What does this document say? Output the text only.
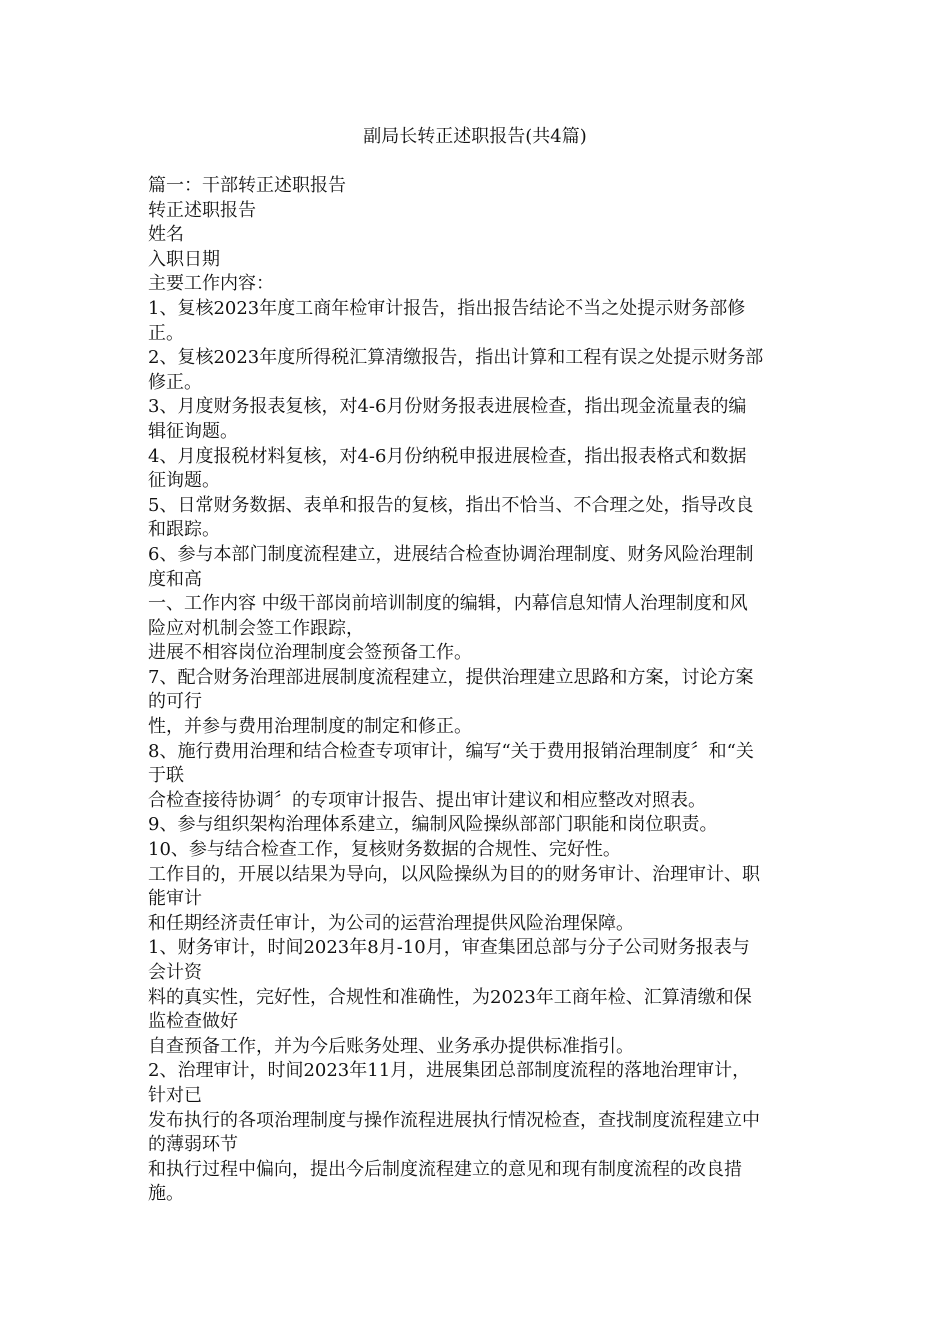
副局长转正述职报告(共4篇)
篇一：干部转正述职报告
转正述职报告
姓名
入职日期
主要工作内容：
1、复核2023年度工商年检审计报告，指出报告结论不当之处提示财务部修
正。
2、复核2023年度所得税汇算清缴报告，指出计算和工程有误之处提示财务部
修正。
3、月度财务报表复核，对4-6月份财务报表进展检查，指出现金流量表的编
辑征询题。
4、月度报税材料复核，对4-6月份纳税申报进展检查，指出报表格式和数据
征询题。
5、日常财务数据、表单和报告的复核，指出不恰当、不合理之处，指导改良
和跟踪。
6、参与本部门制度流程建立，进展结合检查协调治理制度、财务风险治理制
度和高
一、工作内容 中级干部岗前培训制度的编辑，内幕信息知情人治理制度和风
险应对机制会签工作跟踪，
进展不相容岗位治理制度会签预备工作。
7、配合财务治理部进展制度流程建立，提供治理建立思路和方案，讨论方案
的可行
性，并参与费用治理制度的制定和修正。
8、施行费用治理和结合检查专项审计，编写“关于费用报销治理制度〞和“关
于联
合检查接待协调〞的专项审计报告、提出审计建议和相应整改对照表。
9、参与组织架构治理体系建立，编制风险操纵部部门职能和岗位职责。
10、参与结合检查工作，复核财务数据的合规性、完好性。
工作目的，开展以结果为导向，以风险操纵为目的的财务审计、治理审计、职
能审计
和任期经济责任审计，为公司的运营治理提供风险治理保障。
1、财务审计，时间2023年8月-10月，审查集团总部与分子公司财务报表与
会计资
料的真实性，完好性，合规性和准确性，为2023年工商年检、汇算清缴和保
监检查做好
自查预备工作，并为今后账务处理、业务承办提供标准指引。
2、治理审计，时间2023年11月，进展集团总部制度流程的落地治理审计，
针对已
发布执行的各项治理制度与操作流程进展执行情况检查，查找制度流程建立中
的薄弱环节
和执行过程中偏向，提出今后制度流程建立的意见和现有制度流程的改良措
施。
